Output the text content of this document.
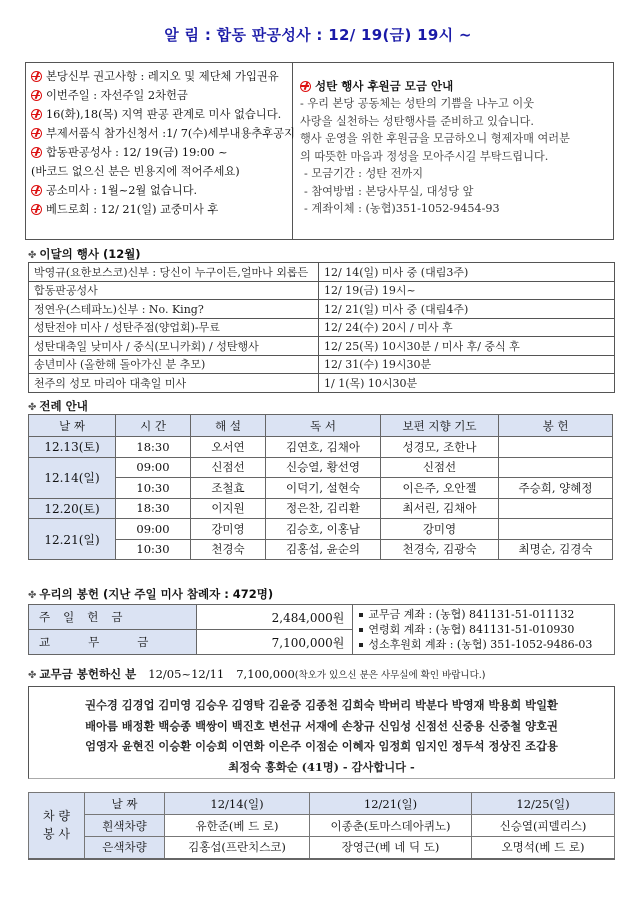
알 림 : 합동 판공성사 : 12/ 19(금) 19시 ~
본당신부 권고사항 : 레지오 및 제단체 가입권유
이번주일 : 자선주일 2차헌금
16(화),18(목) 지역 판공 관계로 미사 없습니다.
부제서품식 참가신청서 :1/ 7(수)세부내용추후공지
합동판공성사 : 12/ 19(금) 19:00 ~
(바코드 없으신 분은 빈용지에 적어주세요)
공소미사 : 1월~2월 없습니다.
베드로회 : 12/ 21(일) 교중미사 후
성탄 행사 후원금 모금 안내
- 우리 본당 공동체는 성탄의 기쁨을 나누고 이웃
사랑을 실천하는 성탄행사를 준비하고 있습니다.
행사 운영을 위한 후원금을 모금하오니 형제자매 여러분
의 따뜻한 마음과 정성을 모아주시길 부탁드립니다.
- 모금기간 : 성탄 전까지
- 참여방법 : 본당사무실, 대성당 앞
- 계좌이체 : (농협)351-1052-9454-93
✤ 이달의 행사 (12월)
박영규(요한보스코)신부 : 당신이 누구이든,얼마나 외롭든	12/ 14(일) 미사 중 (대림3주)
합동판공성사	12/ 19(금) 19시~
정연우(스테파노)신부 : No. King?	12/ 21(일) 미사 중 (대림4주)
성탄전야 미사 / 성탄주점(양업회)-무료	12/ 24(수) 20시 / 미사 후
성탄대축일 낮미사 / 중식(모니카회) / 성탄행사	12/ 25(목) 10시30분 / 미사 후/ 중식 후
송년미사 (올한해 돌아가신 분 추모)	12/ 31(수) 19시30분
천주의 성모 마리아 대축일 미사	1/ 1(목) 10시30분
✤ 전례 안내
날 짜	시 간	해 설	독 서	보편 지향 기도	봉 헌
12.13(토)	18:30	오서연	김연호, 김채아	성경모, 조한나	
12.14(일)	09:00	신점선	신승열, 황선영	신점선	
	10:30	조철효	이덕기, 설현숙	이은주, 오안젤	주승희, 양혜정
12.20(토)	18:30	이지원	정은찬, 김리환	최서린, 김채아	
12.21(일)	09:00	강미영	김승호, 이홍남	강미영	
	10:30	천경숙	김홍섭, 윤순의	천경숙, 김광숙	최명순, 김경숙
✤ 우리의 봉헌 (지난 주일 미사 참례자 : 472명)
주일헌금	2,484,000원	교무금 계좌 : (농협) 841131-51-011132
연령회 계좌 : (농협) 841131-51-010930
성소후원회 계좌 : (농협) 351-1052-9486-03

교무금	7,100,000원	
✤ 교무금 봉헌하신 분 12/05~12/11 7,100,000(착오가 있으신 분은 사무실에 확인 바랍니다.)
권수경 김경업 김미영 김승우 김영탁 김윤중 김종천 김희숙 박버리 박분다 박영재 박용희 박일환
배아름 배정환 백승종 백쌍이 백진호 변선규 서재에 손창규 신임성 신점선 신중용 신중철 양호권
엄영자 윤현진 이승환 이승희 이연화 이은주 이점순 이혜자 임정희 임지인 정두석 정상진 조갑용
최정숙 홍화순 (41명) - 감사합니다 -
차 량
봉 사	날 짜	12/14(일)	12/21(일)	12/25(일)
	흰색차량	유한준(베 드 로)	이종춘(토마스데아퀴노)	신승열(피델리스)
	은색차량	김홍섭(프란치스코)	장영근(베 네 딕 도)	오명석(베 드 로)
